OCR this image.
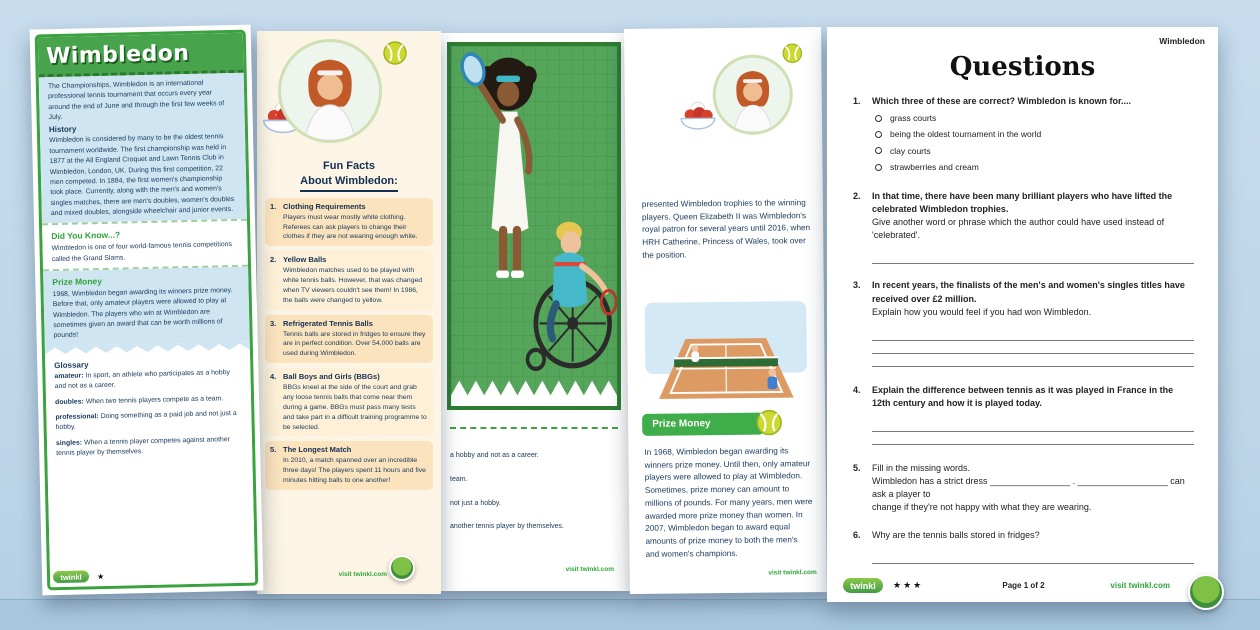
a hobby and not as a career.

team.

not just a hobby.

another tennis player by themselves.

visit twinkl.com
Fun Facts
About Wimbledon:
1. Clothing Requirements

Players must wear mostly white clothing. Referees can ask players to change their clothes if they are not wearing enough white.

2. Yellow Balls

Wimbledon matches used to be played with white tennis balls. However, that was changed when TV viewers couldn't see them! In 1986, the balls were changed to yellow.

3. Refrigerated Tennis Balls

Tennis balls are stored in fridges to ensure they are in perfect condition. Over 54,000 balls are used during Wimbledon.

4. Ball Boys and Girls (BBGs)

BBGs kneel at the side of the court and grab any loose tennis balls that come near them during a game. BBGs must pass many tests and take part in a difficult training programme to be selected.

5. The Longest Match

In 2010, a match spanned over an incredible three days! The players spent 11 hours and five minutes hitting balls to one another!

visit twinkl.com

presented Wimbledon trophies to the winning players. Queen Elizabeth II was Wimbledon's royal patron for several years until 2016, when HRH Catherine, Princess of Wales, took over the position.

Prize Money

In 1968, Wimbledon began awarding its winners prize money. Until then, only amateur players were allowed to play at Wimbledon. Sometimes, prize money can amount to millions of pounds. For many years, men were awarded more prize money than women. In 2007, Wimbledon began to award equal amounts of prize money to both the men's and women's champions.

visit twinkl.com
Wimbledon

The Championships, Wimbledon is an international professional tennis tournament that occurs every year around the end of June and through the first few weeks of July.

History

Wimbledon is considered by many to be the oldest tennis tournament worldwide. The first championship was held in 1877 at the All England Croquet and Lawn Tennis Club in Wimbledon, London, UK. During this first competition, 22 men competed. In 1884, the first women's championship took place. Currently, along with the men's and women's singles matches, there are men's doubles, women's doubles and mixed doubles, alongside wheelchair and junior events.

Did You Know...?

Wimbledon is one of four world-famous tennis competitions called the Grand Slams.

Prize Money

1968, Wimbledon began awarding its winners prize money. Before that, only amateur players were allowed to play at Wimbledon. The players who win at Wimbledon are sometimes given an award that can be worth millions of pounds!

Glossary

amateur: In sport, an athlete who participates as a hobby and not as a career.

doubles: When two tennis players compete as a team.

professional: Doing something as a paid job and not just a hobby.

singles: When a tennis player competes against another tennis player by themselves.

twinkl	★
Wimbledon
Questions
1.	Which three of these are correct? Wimbledon is known for....
grass courts
being the oldest tournament in the world
clay courts
strawberries and cream
2.	In that time, there have been many brilliant players who have lifted the celebrated Wimbledon trophies.
Give another word or phrase which the author could have used instead of 'celebrated'.
3.	In recent years, the finalists of the men's and women's singles titles have received over £2 million.
Explain how you would feel if you had won Wimbledon.
4.	Explain the difference between tennis as it was played in France in the 12th century and how it is played today.
5.	Fill in the missing words.
Wimbledon has a strict dress ________________ . __________________ can ask a player to
change if they're not happy with what they are wearing.
6.	Why are the tennis balls stored in fridges?
twinkl	★★★	Page 1 of 2	visit twinkl.com
